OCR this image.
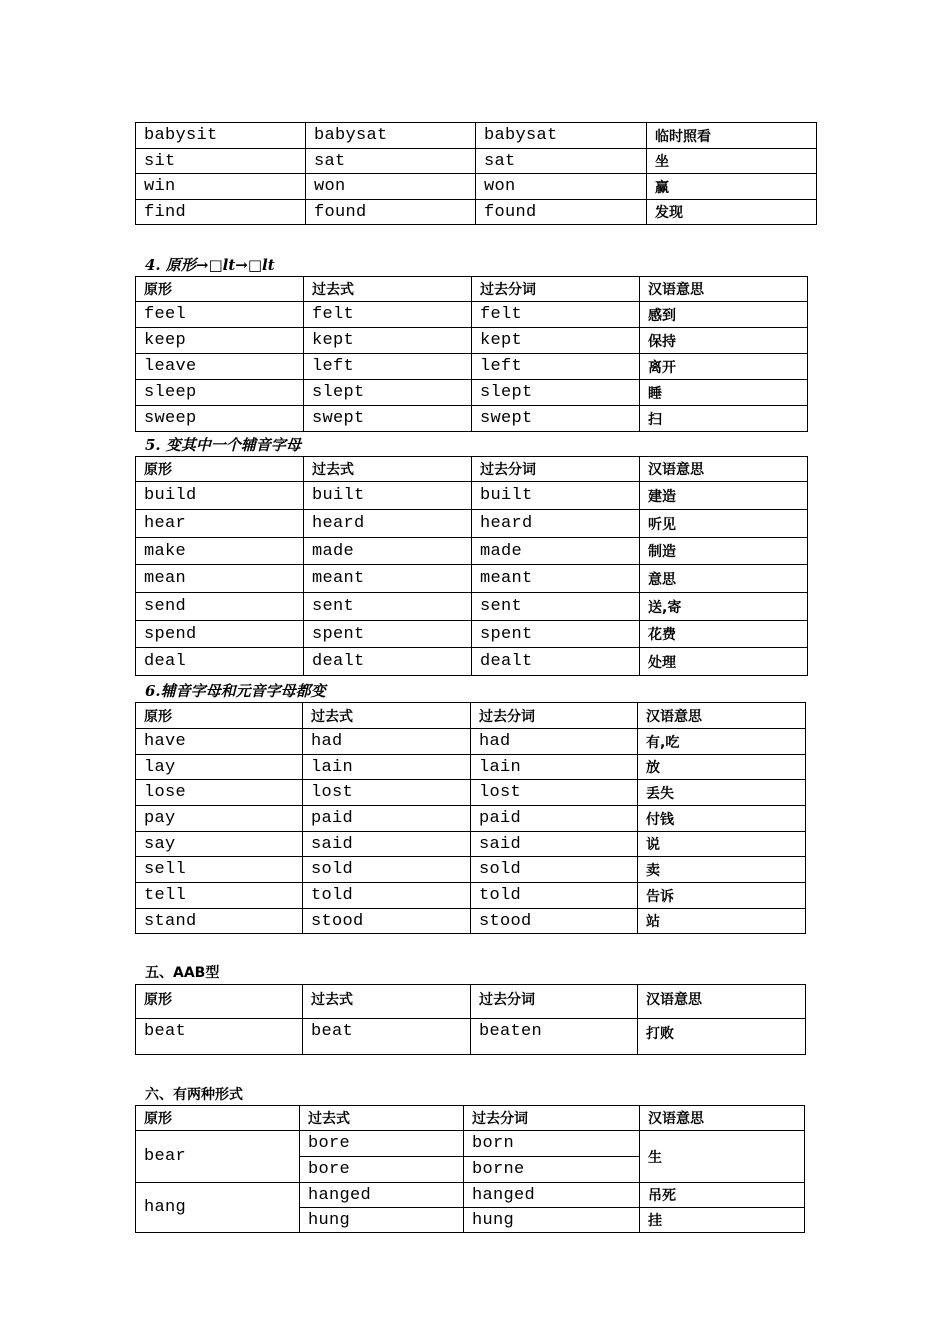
babysit	babysat	babysat	临时照看
sit	sat	sat	坐
win	won	won	赢
find	found	found	发现
4. 原形→□lt→□lt
原形	过去式	过去分词	汉语意思
feel	felt	felt	感到
keep	kept	kept	保持
leave	left	left	离开
sleep	slept	slept	睡
sweep	swept	swept	扫
5. 变其中一个辅音字母
原形	过去式	过去分词	汉语意思
build	built	built	建造
hear	heard	heard	听见
make	made	made	制造
mean	meant	meant	意思
send	sent	sent	送,寄
spend	spent	spent	花费
deal	dealt	dealt	处理
6.辅音字母和元音字母都变
原形	过去式	过去分词	汉语意思
have	had	had	有,吃
lay	lain	lain	放
lose	lost	lost	丢失
pay	paid	paid	付钱
say	said	said	说
sell	sold	sold	卖
tell	told	told	告诉
stand	stood	stood	站
五、AAB型
原形	过去式	过去分词	汉语意思
beat	beat	beaten	打败
六、有两种形式
原形	过去式	过去分词	汉语意思
bear	bore	born	生
	bore	borne	
hang	hanged	hanged	吊死
	hung	hung	挂
